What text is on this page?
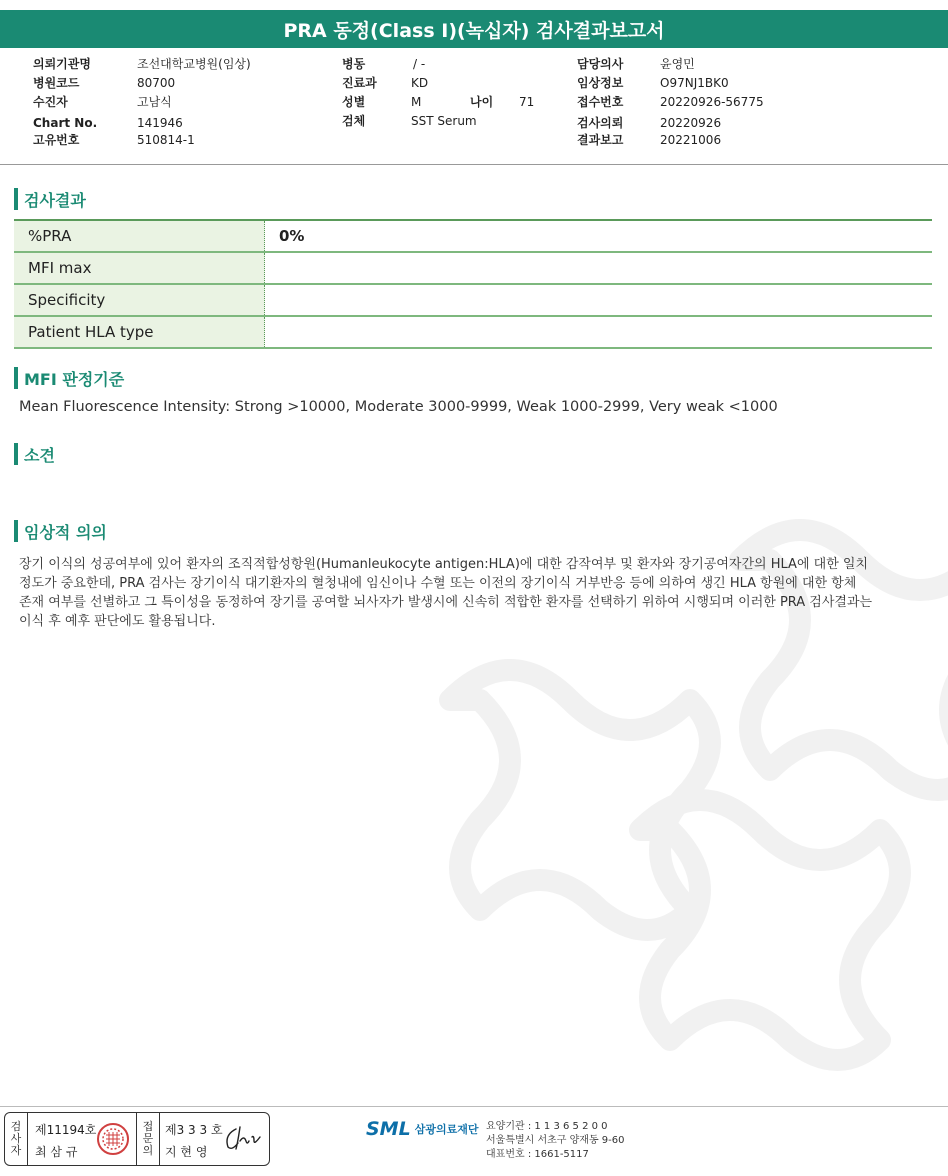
PRA 동정(Class I)(녹십자) 검사결과보고서
의뢰기관명	조선대학교병원(임상)
병원코드	80700
수진자	고남식
Chart No.	141946
고유번호	510814-1
병동	/ -
진료과	KD
성별	M	나이 71
검체	SST Serum
담당의사	윤영민
임상정보	O97NJ1BK0
접수번호	20220926-56775
검사의뢰	20220926
결과보고	20221006
검사결과
%PRA	0%
MFI max
Specificity
Patient HLA type
MFI 판정기준
Mean Fluorescence Intensity: Strong >10000, Moderate 3000-9999, Weak 1000-2999, Very weak <1000
소견
임상적 의의
장기 이식의 성공여부에 있어 환자의 조직적합성항원(Humanleukocyte antigen:HLA)에 대한 감작여부 및 환자와 장기공여자간의 HLA에 대한 일치
정도가 중요한데, PRA 검사는 장기이식 대기환자의 혈청내에 임신이나 수혈 또는 이전의 장기이식 거부반응 등에 의하여 생긴 HLA 항원에 대한 항체
존재 여부를 선별하고 그 특이성을 동정하여 장기를 공여할 뇌사자가 발생시에 신속히 적합한 환자를 선택하기 위하여 시행되며 이러한 PRA 검사결과는
이식 후 예후 판단에도 활용됩니다.
검
사
자
제11194호
최 삼 규
접
문
의
제3 3 3 호
지 현 영
SML 삼광의료재단 요양기관 : 1 1 3 6 5 2 0 0
서울특별시 서초구 양재동 9-60
대표번호 : 1661-5117
